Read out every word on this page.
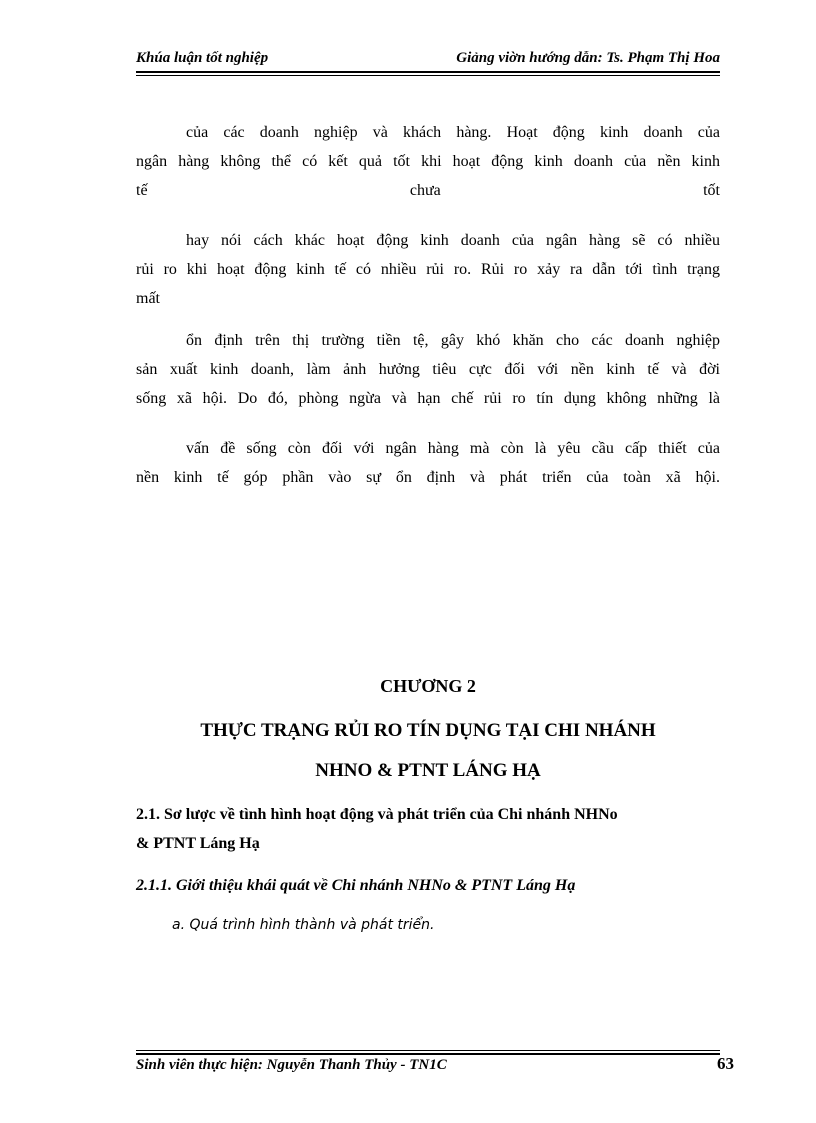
Khúa luận tốt nghiệp	Giảng viờn hướng dẫn: Ts. Phạm Thị Hoa
của các doanh nghiệp và khách hàng. Hoạt động kinh doanh của
ngân hàng không thể có kết quả tốt khi hoạt động kinh doanh của nền kinh
tế chưa tốt
hay nói cách khác hoạt động kinh doanh của ngân hàng sẽ có nhiều
rủi ro khi hoạt động kinh tế có nhiều rủi ro. Rủi ro xảy ra dẫn tới tình trạng
mất
ổn định trên thị trường tiền tệ, gây khó khăn cho các doanh nghiệp
sản xuất kinh doanh, làm ảnh hưởng tiêu cực đối với nền kinh tế và đời
sống xã hội. Do đó, phòng ngừa và hạn chế rủi ro tín dụng không những là
vấn đề sống còn đối với ngân hàng mà còn là yêu cầu cấp thiết của
nền kinh tế góp phần vào sự ổn định và phát triển của toàn xã hội.
CHƯƠNG 2
THỰC TRẠNG RỦI RO TÍN DỤNG TẠI CHI NHÁNH
NHNO & PTNT LÁNG HẠ
2.1. Sơ lược về tình hình hoạt động và phát triển của Chi nhánh NHNo
& PTNT Láng Hạ
2.1.1. Giới thiệu khái quát về Chi nhánh NHNo & PTNT Láng Hạ
a. Quá trình hình thành và phát triển.
Sinh viên thực hiện: Nguyễn Thanh Thủy - TN1C	63
